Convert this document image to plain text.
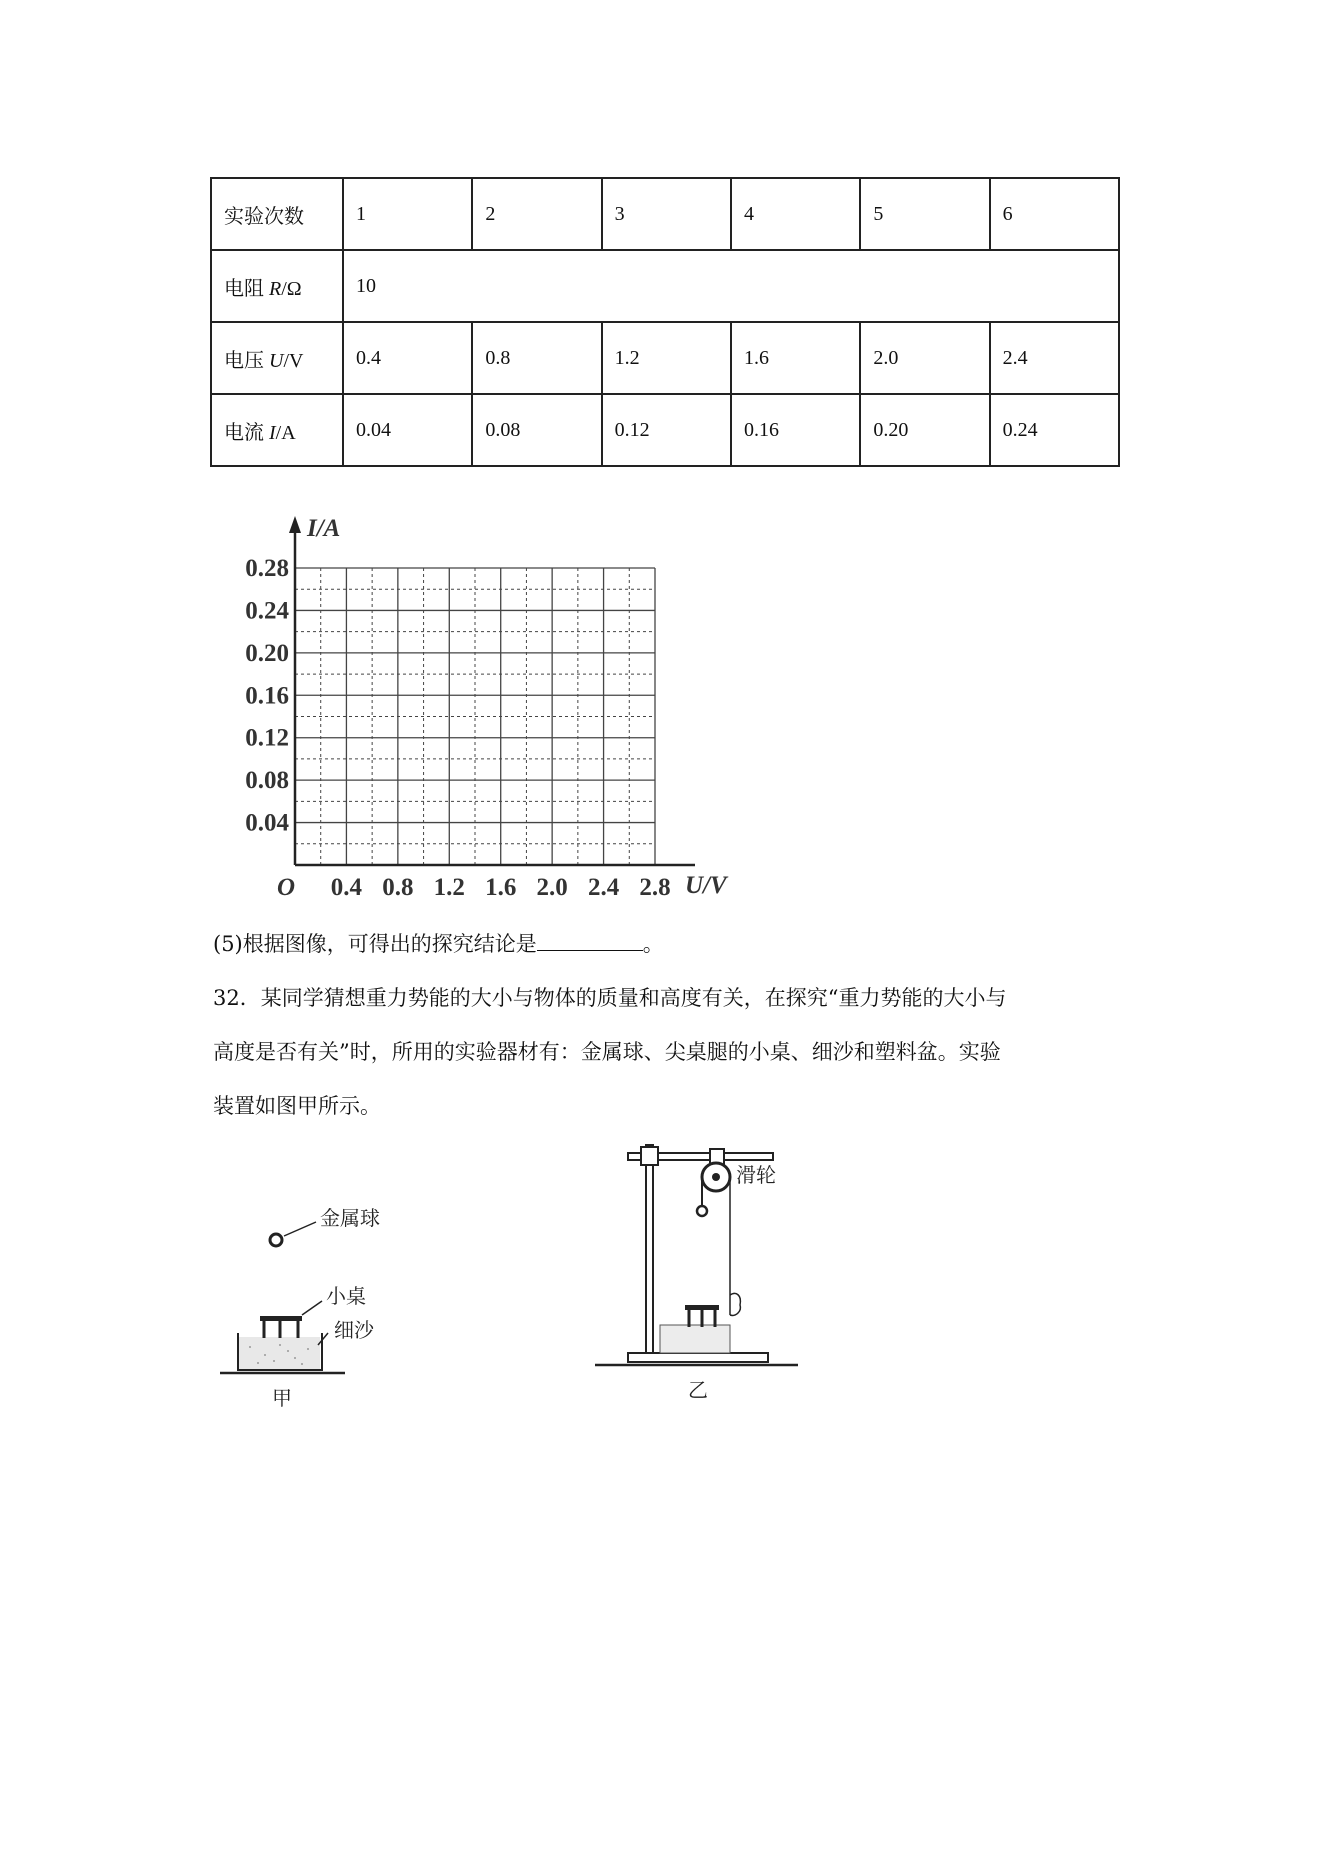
实验次数	1	2	3	4	5	6
电阻 R/Ω	10					
电压 U/V	0.4	0.8	1.2	1.6	2.0	2.4
电流 I/A	0.04	0.08	0.12	0.16	0.20	0.24
I/A
U/V
O 0.4 0.8 1.2 1.6 2.0 2.4 2.8
0.04
0.08
0.12
0.16
0.20
0.24
0.28
(5)根据图像，可得出的探究结论是	。
32．某同学猜想重力势能的大小与物体的质量和高度有关，在探究“重力势能的大小与
高度是否有关”时，所用的实验器材有：金属球、尖桌腿的小桌、细沙和塑料盆。实验
装置如图甲所示。
金属球
小桌
细沙
甲
滑轮
乙
